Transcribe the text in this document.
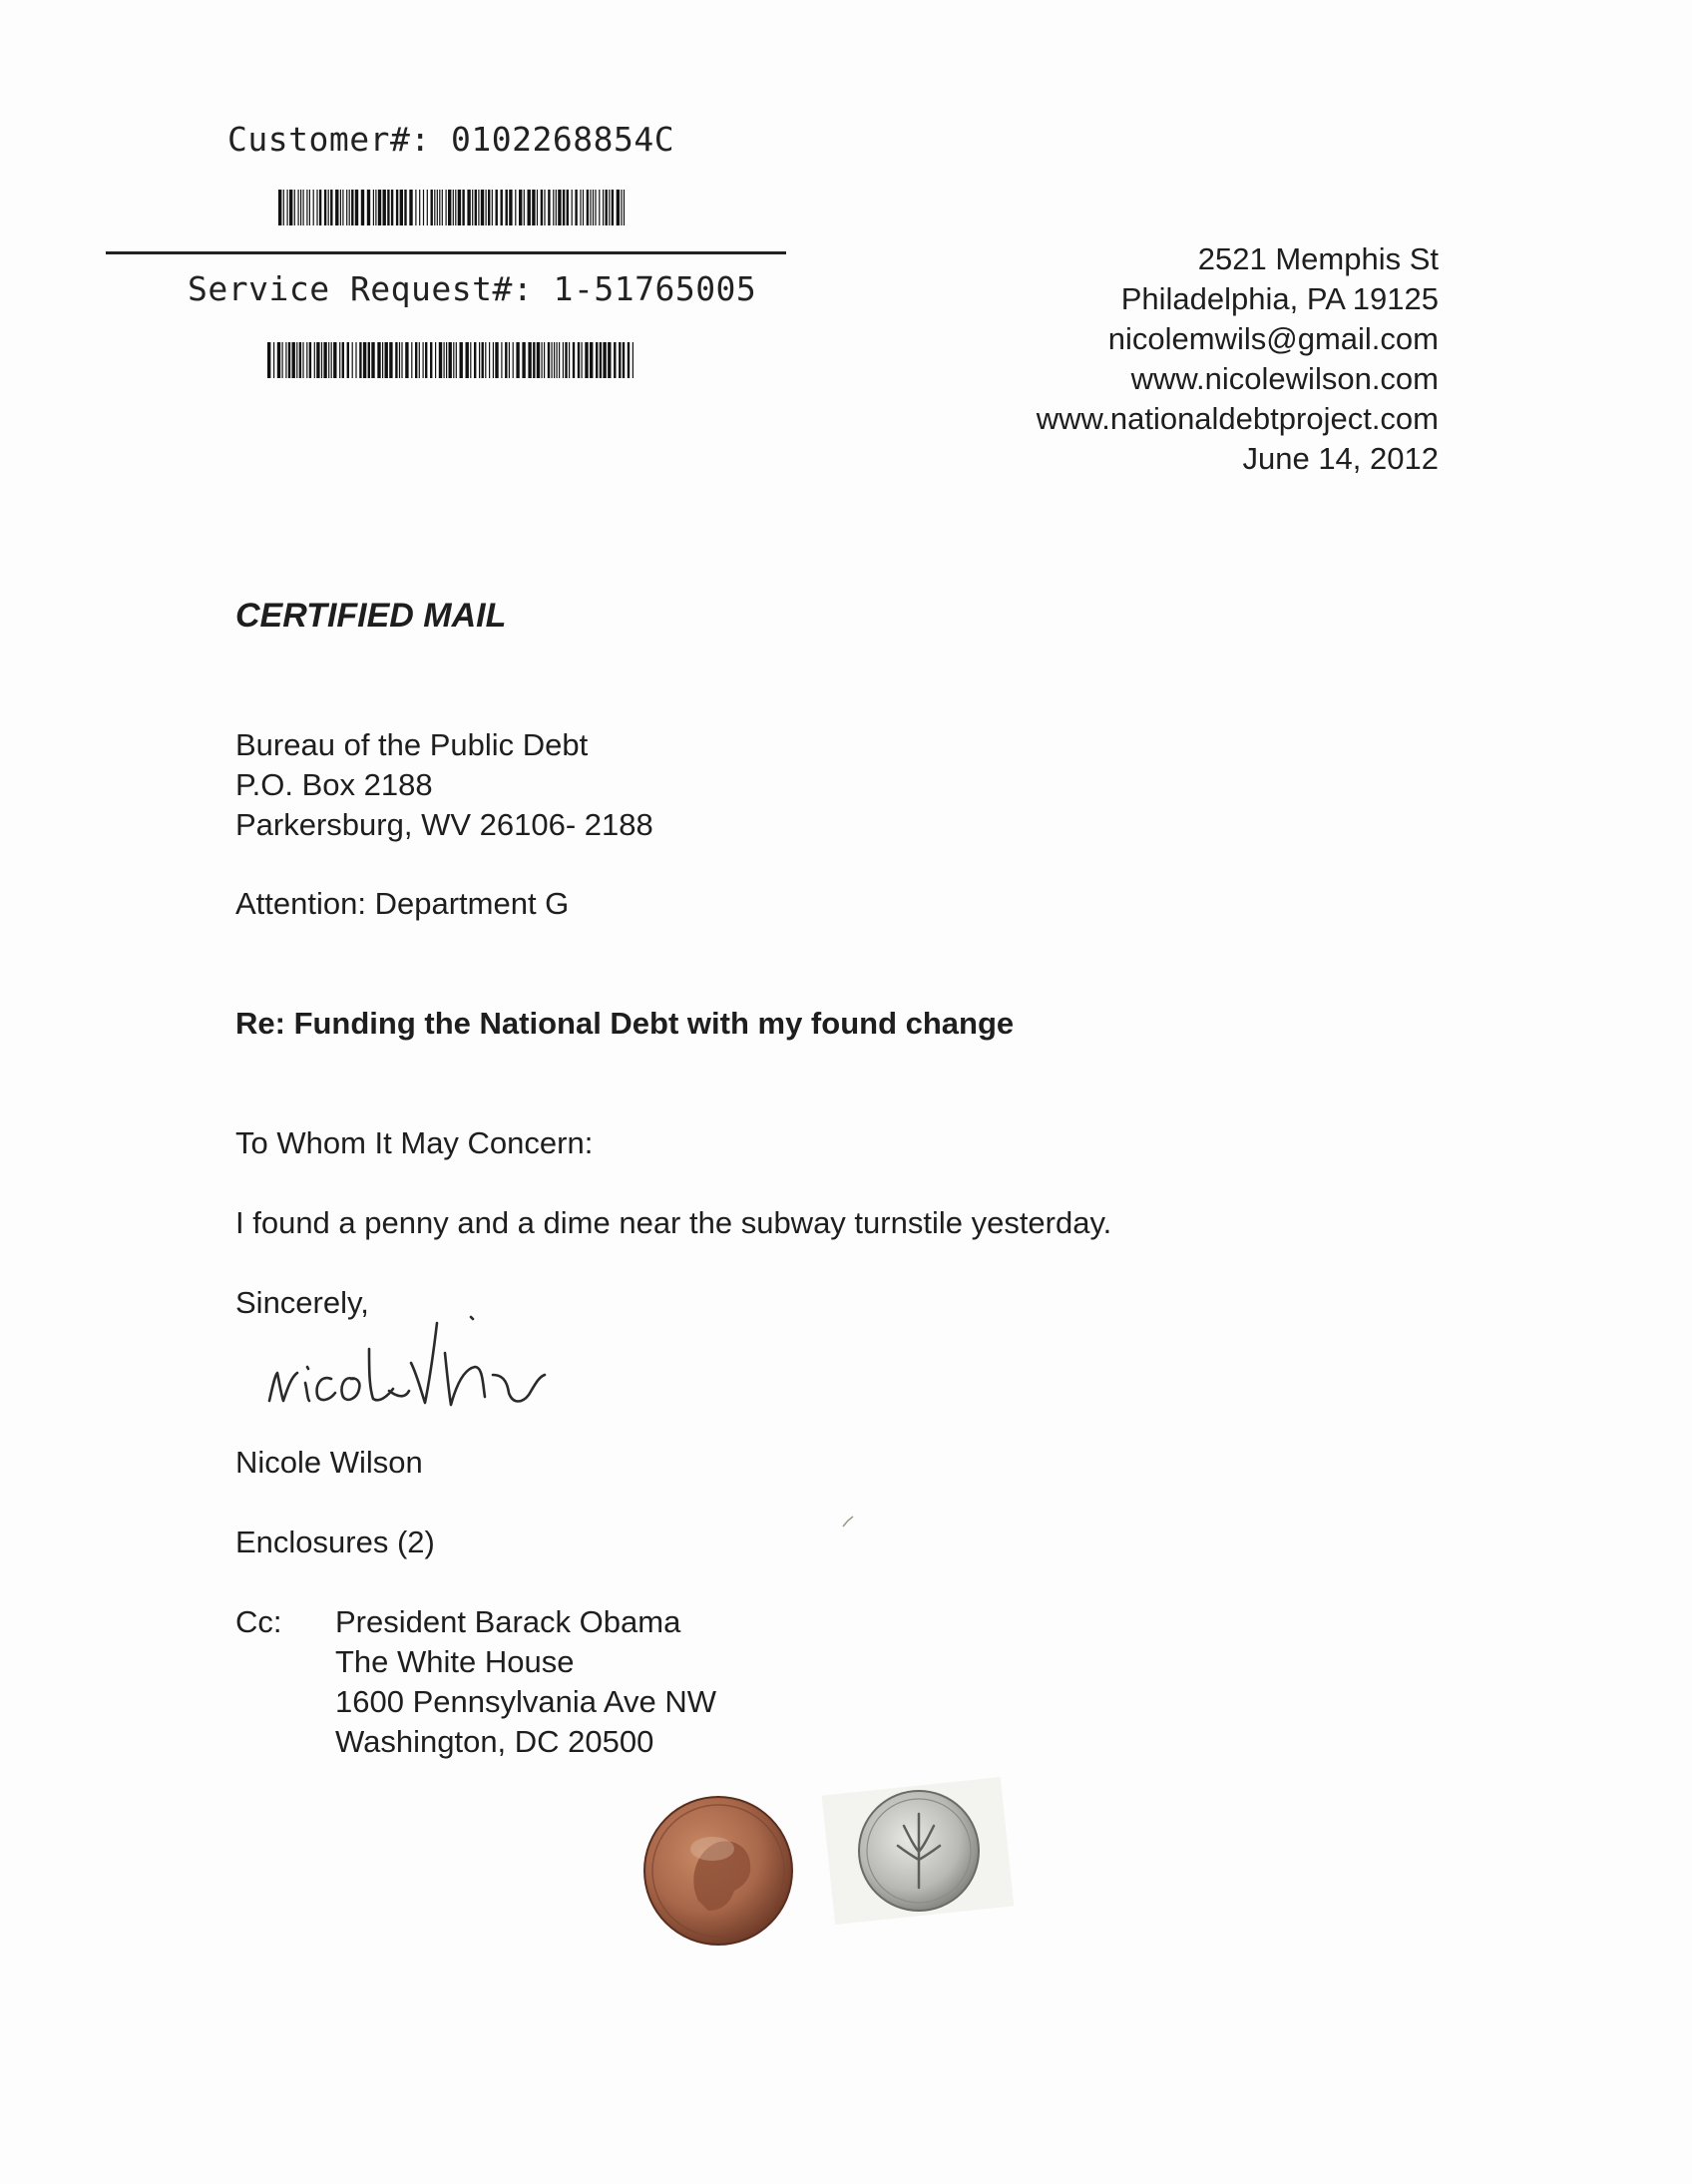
Customer#: 0102268854C
Service Request#: 1-51765005
2521 Memphis St
Philadelphia, PA 19125
nicolemwils@gmail.com
www.nicolewilson.com
www.nationaldebtproject.com
June 14, 2012
CERTIFIED MAIL
Bureau of the Public Debt
P.O. Box 2188
Parkersburg, WV 26106- 2188
Attention: Department G
Re: Funding the National Debt with my found change
To Whom It May Concern:
I found a penny and a dime near the subway turnstile yesterday.
Sincerely,
Nicole Wilson
Enclosures (2)
Cc: President Barack Obama
The White House
1600 Pennsylvania Ave NW
Washington, DC 20500
